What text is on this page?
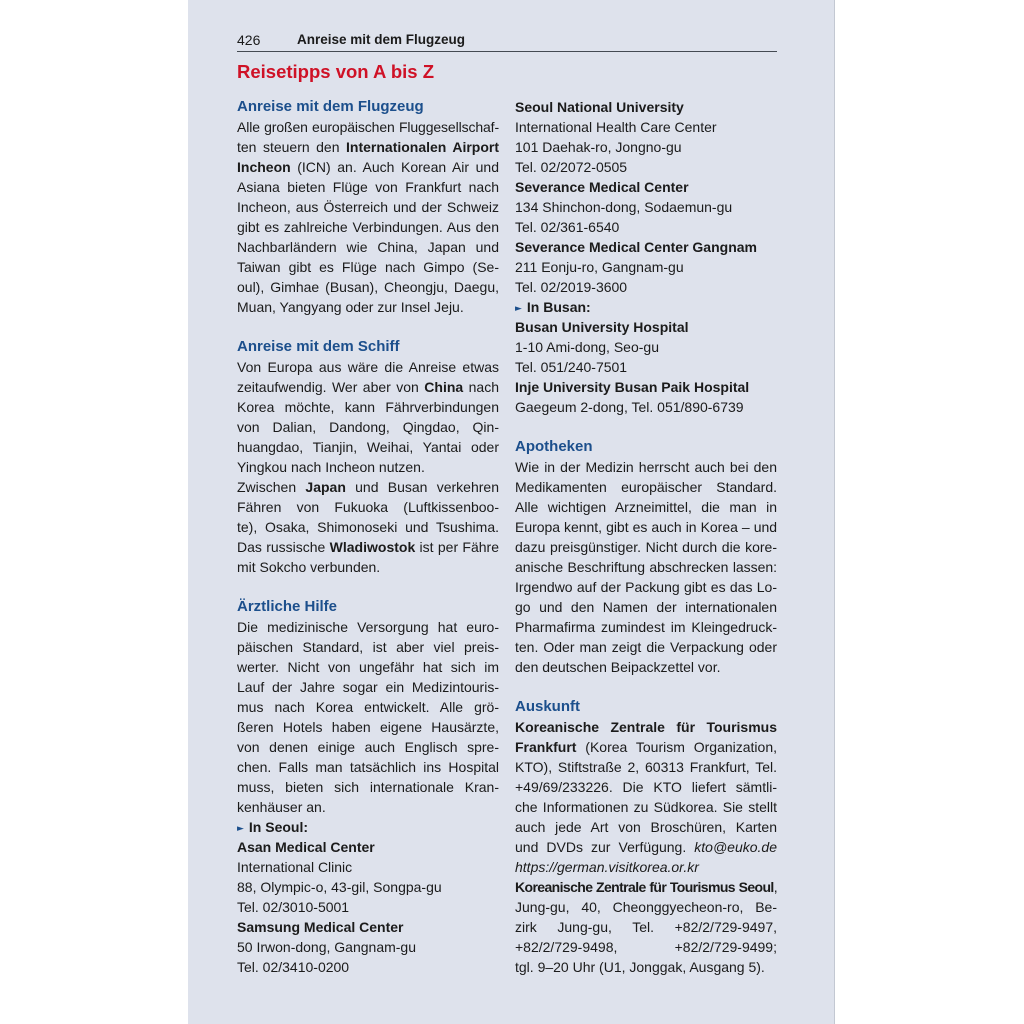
426	Anreise mit dem Flugzeug
Reisetipps von A bis Z
Anreise mit dem Flugzeug
Alle großen europäischen Fluggesellschaf-
ten steuern den Internationalen Airport
Incheon (ICN) an. Auch Korean Air und
Asiana bieten Flüge von Frankfurt nach
Incheon, aus Österreich und der Schweiz
gibt es zahlreiche Verbindungen. Aus den
Nachbarländern wie China, Japan und
Taiwan gibt es Flüge nach Gimpo (Se-
oul), Gimhae (Busan), Cheongju, Daegu,
Muan, Yangyang oder zur Insel Jeju.
Anreise mit dem Schiff
Von Europa aus wäre die Anreise etwas
zeitaufwendig. Wer aber von China nach
Korea möchte, kann Fährverbindungen
von Dalian, Dandong, Qingdao, Qin-
huangdao, Tianjin, Weihai, Yantai oder
Yingkou nach Incheon nutzen.
Zwischen Japan und Busan verkehren
Fähren von Fukuoka (Luftkissenboo-
te), Osaka, Shimonoseki und Tsushima.
Das russische Wladiwostok ist per Fähre
mit Sokcho verbunden.
Ärztliche Hilfe
Die medizinische Versorgung hat euro-
päischen Standard, ist aber viel preis-
werter. Nicht von ungefähr hat sich im
Lauf der Jahre sogar ein Medizintouris-
mus nach Korea entwickelt. Alle grö-
ßeren Hotels haben eigene Hausärzte,
von denen einige auch Englisch spre-
chen. Falls man tatsächlich ins Hospital
muss, bieten sich internationale Kran-
kenhäuser an.
► In Seoul:
Asan Medical Center
International Clinic
88, Olympic-o, 43-gil, Songpa-gu
Tel. 02/3010-5001
Samsung Medical Center
50 Irwon-dong, Gangnam-gu
Tel. 02/3410-0200
Seoul National University
International Health Care Center
101 Daehak-ro, Jongno-gu
Tel. 02/2072-0505
Severance Medical Center
134 Shinchon-dong, Sodaemun-gu
Tel. 02/361-6540
Severance Medical Center Gangnam
211 Eonju-ro, Gangnam-gu
Tel. 02/2019-3600
► In Busan:
Busan University Hospital
1-10 Ami-dong, Seo-gu
Tel. 051/240-7501
Inje University Busan Paik Hospital
Gaegeum 2-dong, Tel. 051/890-6739
Apotheken
Wie in der Medizin herrscht auch bei den
Medikamenten europäischer Standard.
Alle wichtigen Arzneimittel, die man in
Europa kennt, gibt es auch in Korea – und
dazu preisgünstiger. Nicht durch die kore-
anische Beschriftung abschrecken lassen:
Irgendwo auf der Packung gibt es das Lo-
go und den Namen der internationalen
Pharmafirma zumindest im Kleingedruck-
ten. Oder man zeigt die Verpackung oder
den deutschen Beipackzettel vor.
Auskunft
Koreanische Zentrale für Tourismus
Frankfurt (Korea Tourism Organization,
KTO), Stiftstraße 2, 60313 Frankfurt, Tel.
+49/69/233226. Die KTO liefert sämtli-
che Informationen zu Südkorea. Sie stellt
auch jede Art von Broschüren, Karten
und DVDs zur Verfügung. kto@euko.de
https://german.visitkorea.or.kr
Koreanische Zentrale für Tourismus Seoul,
Jung-gu, 40, Cheonggyecheon-ro, Be-
zirk Jung-gu, Tel. +82/2/729-9497,
+82/2/729-9498, +82/2/729-9499;
tgl. 9–20 Uhr (U1, Jonggak, Ausgang 5).
